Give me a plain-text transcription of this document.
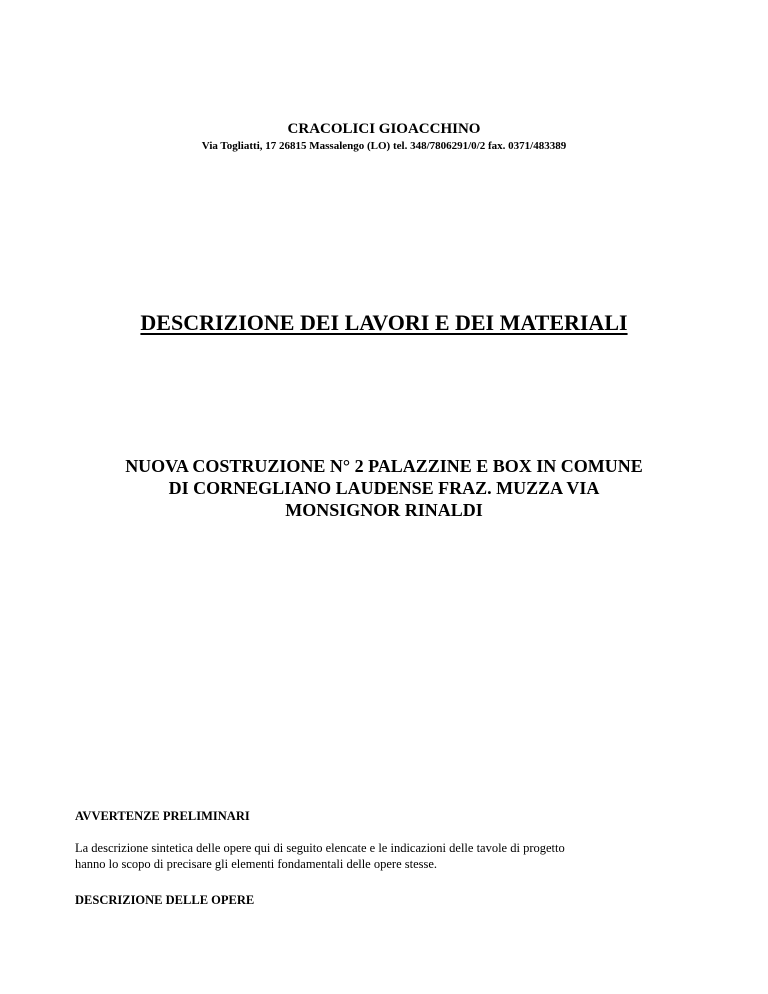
CRACOLICI GIOACCHINO
Via Togliatti, 17 26815 Massalengo (LO) tel. 348/7806291/0/2 fax. 0371/483389
DESCRIZIONE DEI LAVORI E DEI MATERIALI
NUOVA COSTRUZIONE N° 2 PALAZZINE E BOX IN COMUNE
DI CORNEGLIANO LAUDENSE FRAZ. MUZZA VIA
MONSIGNOR RINALDI
AVVERTENZE PRELIMINARI
La descrizione sintetica delle opere qui di seguito elencate e le indicazioni delle tavole di progetto
hanno lo scopo di precisare gli elementi fondamentali delle opere stesse.
DESCRIZIONE DELLE OPERE
